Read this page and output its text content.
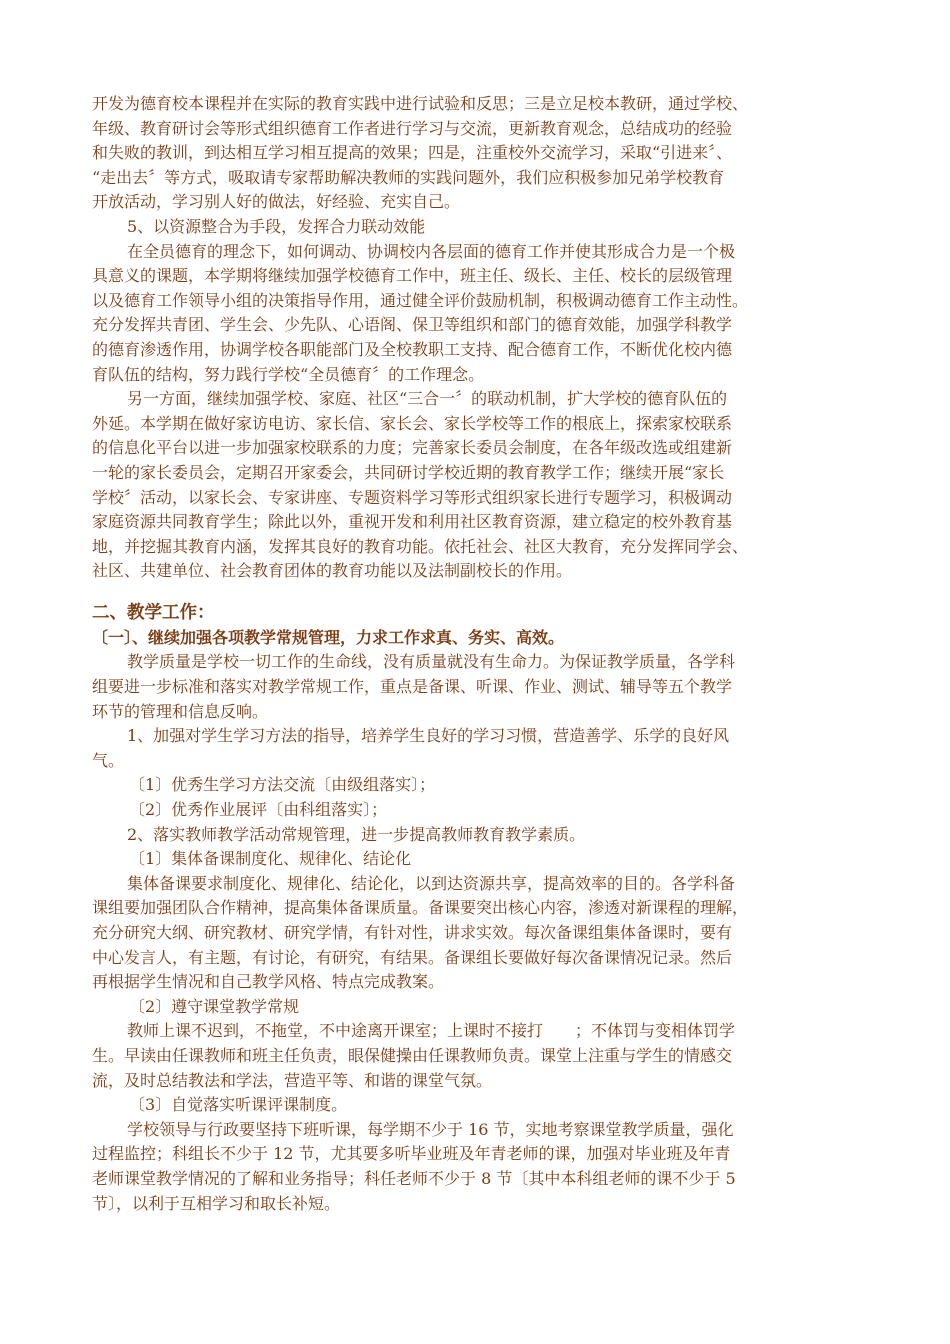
开发为德育校本课程并在实际的教育实践中进行试验和反思；三是立足校本教研，通过学校、
年级、教育研讨会等形式组织德育工作者进行学习与交流，更新教育观念，总结成功的经验
和失败的教训，到达相互学习相互提高的效果；四是，注重校外交流学习，采取“引进来〞、
“走出去〞等方式，吸取请专家帮助解决教师的实践问题外，我们应积极参加兄弟学校教育
开放活动，学习别人好的做法，好经验、充实自己。
5、以资源整合为手段，发挥合力联动效能
在全员德育的理念下，如何调动、协调校内各层面的德育工作并使其形成合力是一个极
具意义的课题，本学期将继续加强学校德育工作中，班主任、级长、主任、校长的层级管理
以及德育工作领导小组的决策指导作用，通过健全评价鼓励机制，积极调动德育工作主动性。
充分发挥共青团、学生会、少先队、心语阁、保卫等组织和部门的德育效能，加强学科教学
的德育渗透作用，协调学校各职能部门及全校教职工支持、配合德育工作，不断优化校内德
育队伍的结构，努力践行学校“全员德育〞的工作理念。
另一方面，继续加强学校、家庭、社区“三合一〞的联动机制，扩大学校的德育队伍的
外延。本学期在做好家访电访、家长信、家长会、家长学校等工作的根底上，探索家校联系
的信息化平台以进一步加强家校联系的力度；完善家长委员会制度，在各年级改选或组建新
一轮的家长委员会，定期召开家委会，共同研讨学校近期的教育教学工作；继续开展“家长
学校〞活动，以家长会、专家讲座、专题资料学习等形式组织家长进行专题学习，积极调动
家庭资源共同教育学生；除此以外，重视开发和利用社区教育资源，建立稳定的校外教育基
地，并挖掘其教育内涵，发挥其良好的教育功能。依托社会、社区大教育，充分发挥同学会、
社区、共建单位、社会教育团体的教育功能以及法制副校长的作用。
二、教学工作：
〔一〕、继续加强各项教学常规管理，力求工作求真、务实、高效。
教学质量是学校一切工作的生命线，没有质量就没有生命力。为保证教学质量，各学科
组要进一步标准和落实对教学常规工作，重点是备课、听课、作业、测试、辅导等五个教学
环节的管理和信息反响。
1、加强对学生学习方法的指导，培养学生良好的学习习惯，营造善学、乐学的良好风
气。
〔1〕优秀生学习方法交流〔由级组落实〕；
〔2〕优秀作业展评〔由科组落实〕；
2、落实教师教学活动常规管理，进一步提高教师教育教学素质。
〔1〕集体备课制度化、规律化、结论化
集体备课要求制度化、规律化、结论化，以到达资源共享，提高效率的目的。各学科备
课组要加强团队合作精神，提高集体备课质量。备课要突出核心内容，渗透对新课程的理解，
充分研究大纲、研究教材、研究学情，有针对性，讲求实效。每次备课组集体备课时，要有
中心发言人，有主题，有讨论，有研究，有结果。备课组长要做好每次备课情况记录。然后
再根据学生情况和自己教学风格、特点完成教案。
〔2〕遵守课堂教学常规
教师上课不迟到，不拖堂，不中途离开课室；上课时不接打　　；不体罚与变相体罚学
生。早读由任课教师和班主任负责，眼保健操由任课教师负责。课堂上注重与学生的情感交
流，及时总结教法和学法，营造平等、和谐的课堂气氛。
〔3〕自觉落实听课评课制度。
学校领导与行政要坚持下班听课，每学期不少于 16 节，实地考察课堂教学质量，强化
过程监控；科组长不少于 12 节，尤其要多听毕业班及年青老师的课，加强对毕业班及年青
老师课堂教学情况的了解和业务指导；科任老师不少于 8 节〔其中本科组老师的课不少于 5
节〕，以利于互相学习和取长补短。
